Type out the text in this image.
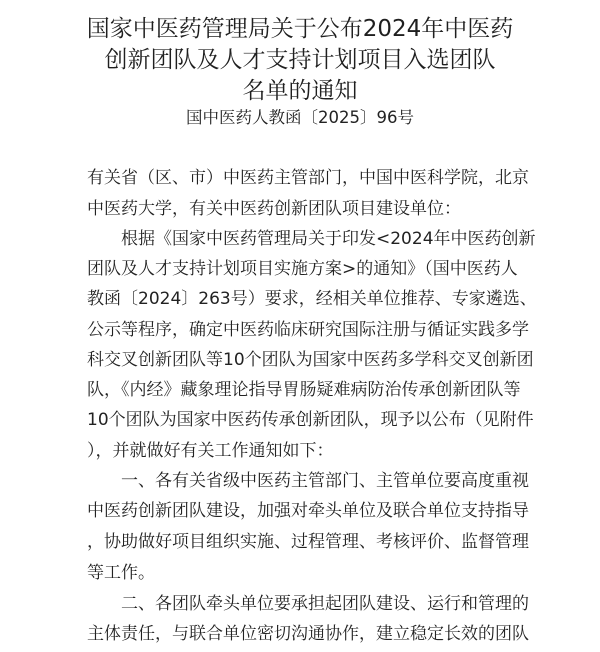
国家中医药管理局关于公布2024年中医药
创新团队及人才支持计划项目入选团队
名单的通知
国中医药人教函〔2025〕96号
有关省（区、市）中医药主管部门，中国中医科学院，北京
中医药大学，有关中医药创新团队项目建设单位：
根据《国家中医药管理局关于印发<2024年中医药创新
团队及人才支持计划项目实施方案>的通知》（国中医药人
教函〔2024〕263号）要求，经相关单位推荐、专家遴选、
公示等程序，确定中医药临床研究国际注册与循证实践多学
科交叉创新团队等10个团队为国家中医药多学科交叉创新团
队，《内经》藏象理论指导胃肠疑难病防治传承创新团队等
10个团队为国家中医药传承创新团队，现予以公布（见附件
），并就做好有关工作通知如下：
一、各有关省级中医药主管部门、主管单位要高度重视
中医药创新团队建设，加强对牵头单位及联合单位支持指导
，协助做好项目组织实施、过程管理、考核评价、监督管理
等工作。
二、各团队牵头单位要承担起团队建设、运行和管理的
主体责任，与联合单位密切沟通协作，建立稳定长效的团队
